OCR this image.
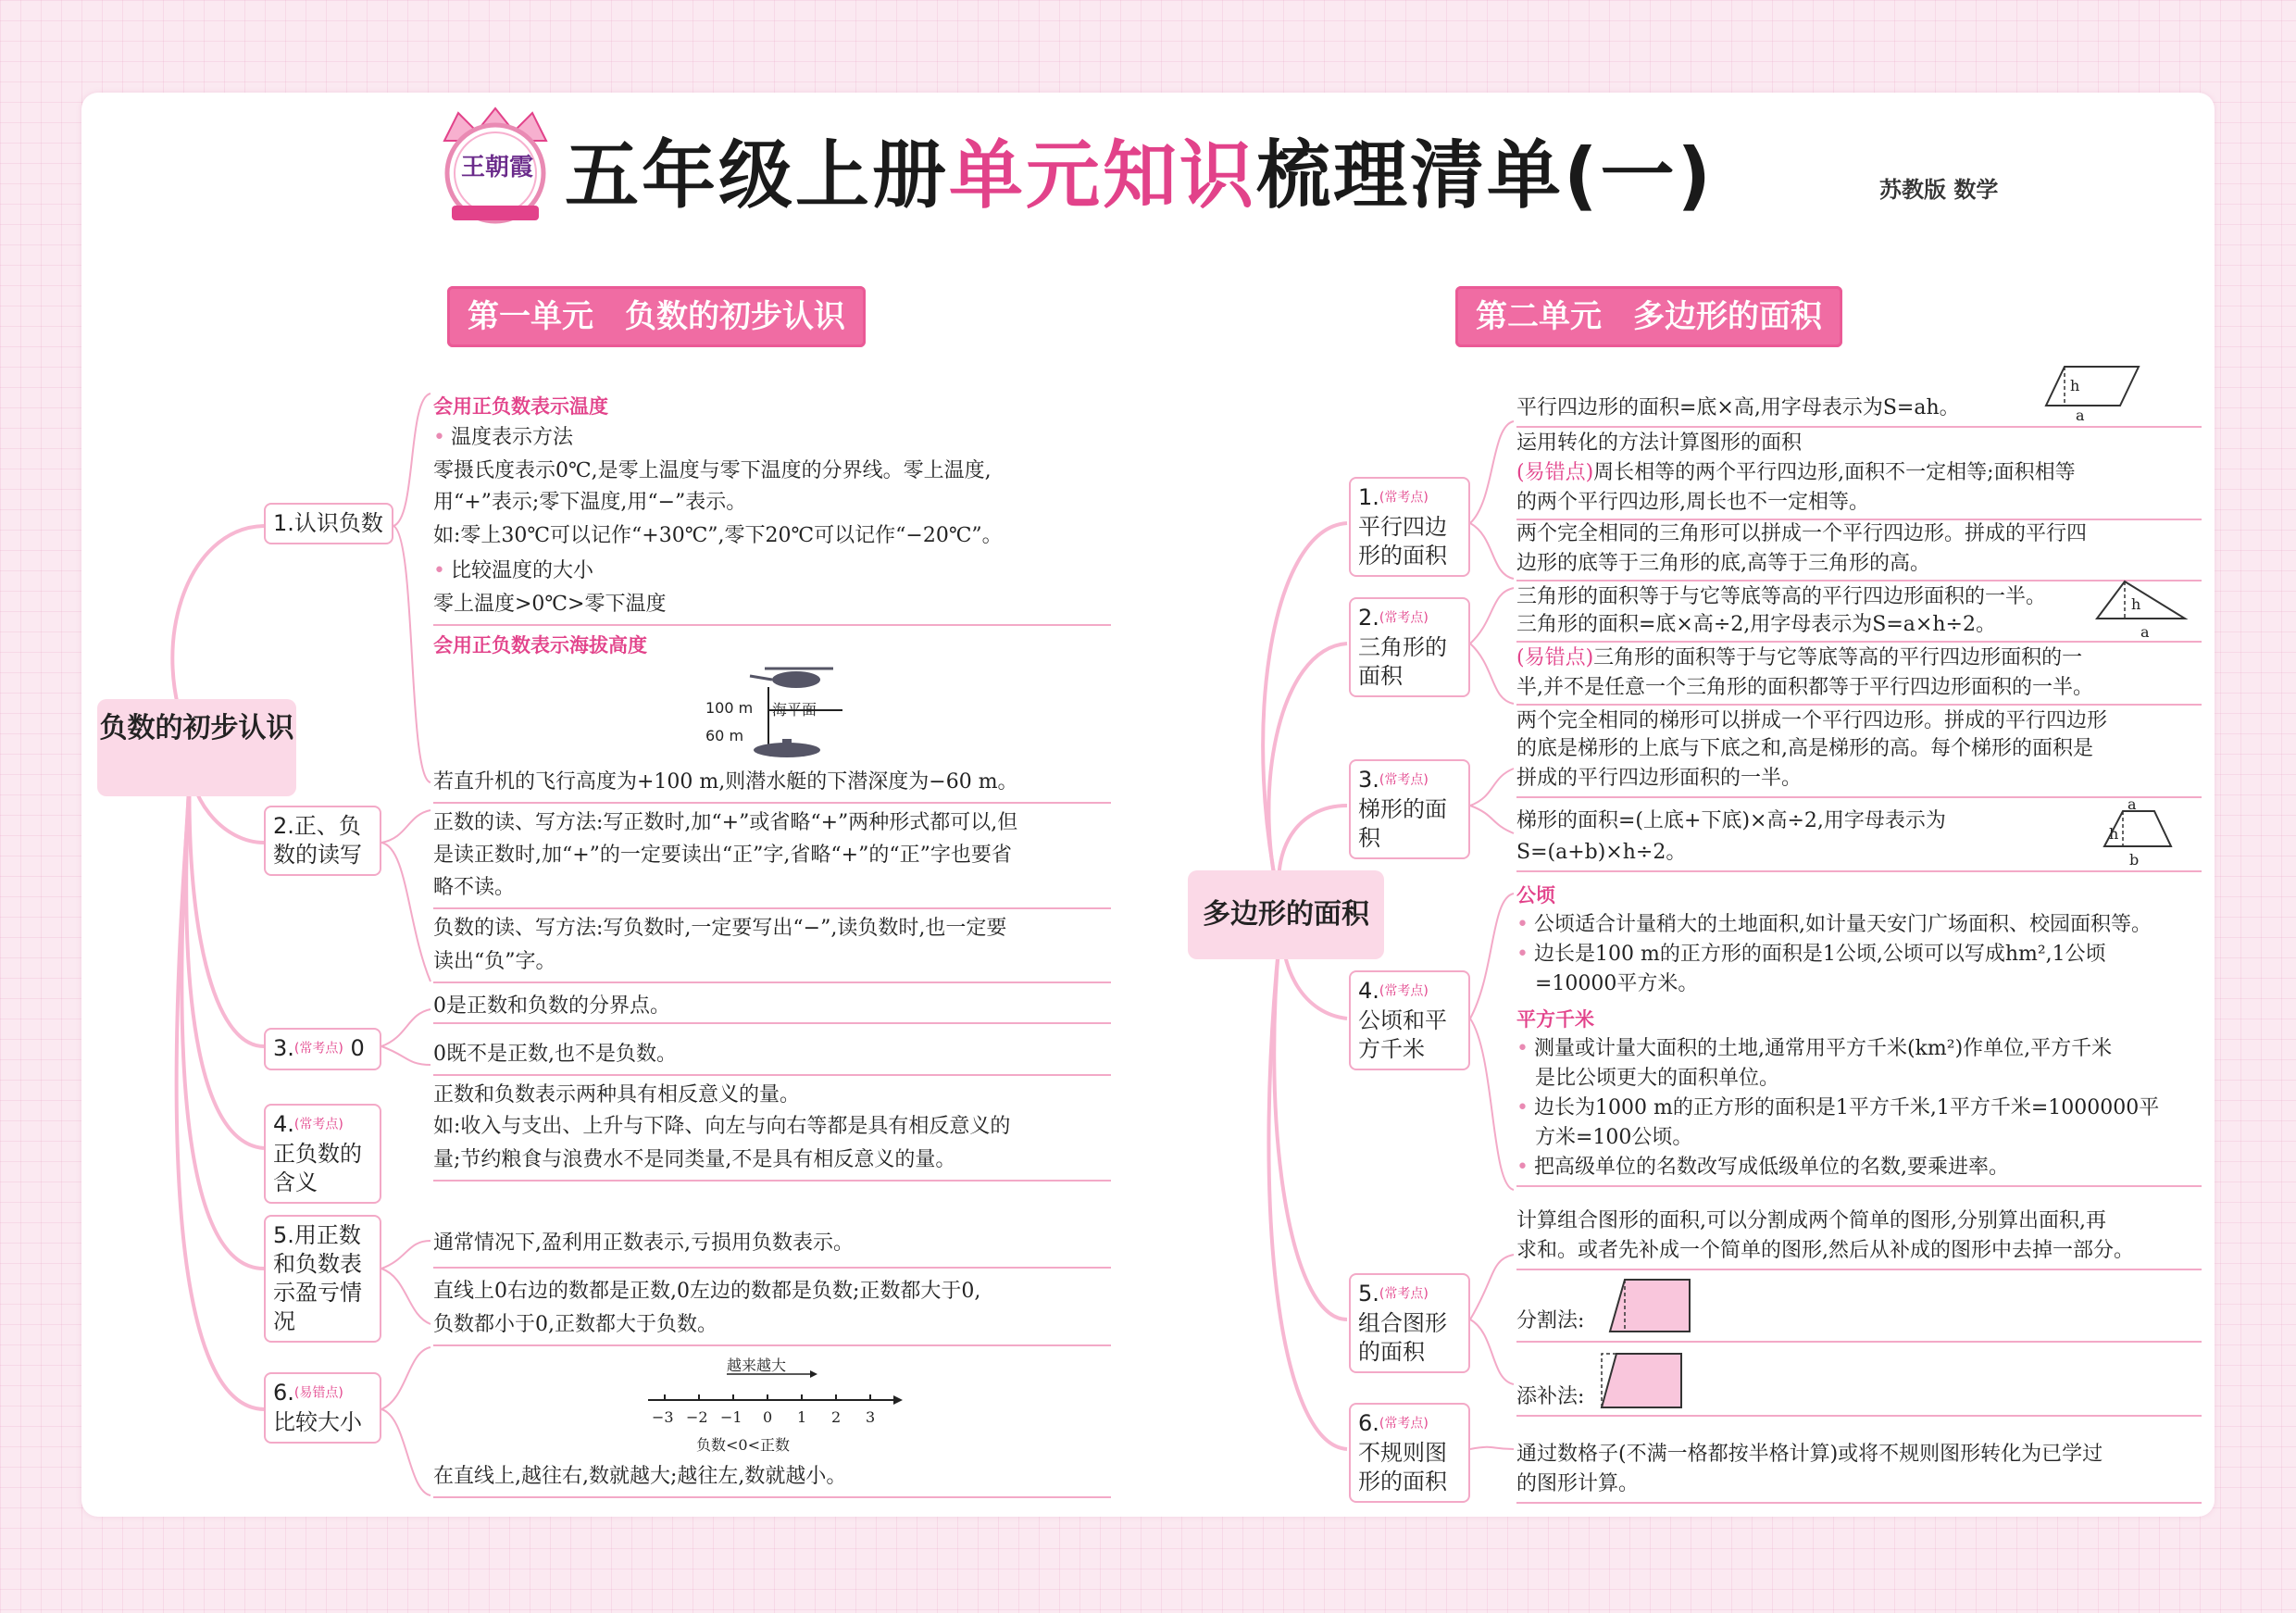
王朝霞 五年级上册单元知识梳理清单(一)	苏教版 数学
第一单元　负数的初步认识
负数的初步认识
1.认识负数
2.正、负数的读写
3.(常考点) 0
4.(常考点)
正负数的含义
5.用正数和负数表示盈亏情况
6.(易错点)
比较大小
会用正负数表示温度
• 温度表示方法
零摄氏度表示0℃,是零上温度与零下温度的分界线。零上温度,
用“+”表示;零下温度,用“−”表示。
如:零上30℃可以记作“+30℃”,零下20℃可以记作“−20℃”。
• 比较温度的大小
零上温度>0℃>零下温度
会用正负数表示海拔高度
100 m
60 m
海平面
若直升机的飞行高度为+100 m,则潜水艇的下潜深度为−60 m。
正数的读、写方法:写正数时,加“+”或省略“+”两种形式都可以,但
是读正数时,加“+”的一定要读出“正”字,省略“+”的“正”字也要省
略不读。
负数的读、写方法:写负数时,一定要写出“−”,读负数时,也一定要
读出“负”字。
0是正数和负数的分界点。
0既不是正数,也不是负数。
正数和负数表示两种具有相反意义的量。
如:收入与支出、上升与下降、向左与向右等都是具有相反意义的
量;节约粮食与浪费水不是同类量,不是具有相反意义的量。
通常情况下,盈利用正数表示,亏损用负数表示。
直线上0右边的数都是正数,0左边的数都是负数;正数都大于0,
负数都小于0,正数都大于负数。
越来越大
−3 −2 −1 0 1 2 3
负数<0<正数
在直线上,越往右,数就越大;越往左,数就越小。
第二单元　多边形的面积
多边形的面积
1.(常考点)
平行四边形的面积
2.(常考点)
三角形的面积
3.(常考点)
梯形的面积
4.(常考点)
公顷和平方千米
5.(常考点)
组合图形的面积
6.(常考点)
不规则图形的面积
平行四边形的面积=底×高,用字母表示为S=ah。
h
a
运用转化的方法计算图形的面积
(易错点)周长相等的两个平行四边形,面积不一定相等;面积相等
的两个平行四边形,周长也不一定相等。
两个完全相同的三角形可以拼成一个平行四边形。拼成的平行四
边形的底等于三角形的底,高等于三角形的高。
三角形的面积等于与它等底等高的平行四边形面积的一半。
三角形的面积=底×高÷2,用字母表示为S=a×h÷2。
h
a
(易错点)三角形的面积等于与它等底等高的平行四边形面积的一
半,并不是任意一个三角形的面积都等于平行四边形面积的一半。
两个完全相同的梯形可以拼成一个平行四边形。拼成的平行四边形
的底是梯形的上底与下底之和,高是梯形的高。每个梯形的面积是
拼成的平行四边形面积的一半。
梯形的面积=(上底+下底)×高÷2,用字母表示为
S=(a+b)×h÷2。
a
h
b
公顷
• 公顷适合计量稍大的土地面积,如计量天安门广场面积、校园面积等。
• 边长是100 m的正方形的面积是1公顷,公顷可以写成hm²,1公顷
=10000平方米。
平方千米
• 测量或计量大面积的土地,通常用平方千米(km²)作单位,平方千米
是比公顷更大的面积单位。
• 边长为1000 m的正方形的面积是1平方千米,1平方千米=1000000平
方米=100公顷。
• 把高级单位的名数改写成低级单位的名数,要乘进率。
计算组合图形的面积,可以分割成两个简单的图形,分别算出面积,再
求和。或者先补成一个简单的图形,然后从补成的图形中去掉一部分。
分割法:
添补法:
通过数格子(不满一格都按半格计算)或将不规则图形转化为已学过
的图形计算。
